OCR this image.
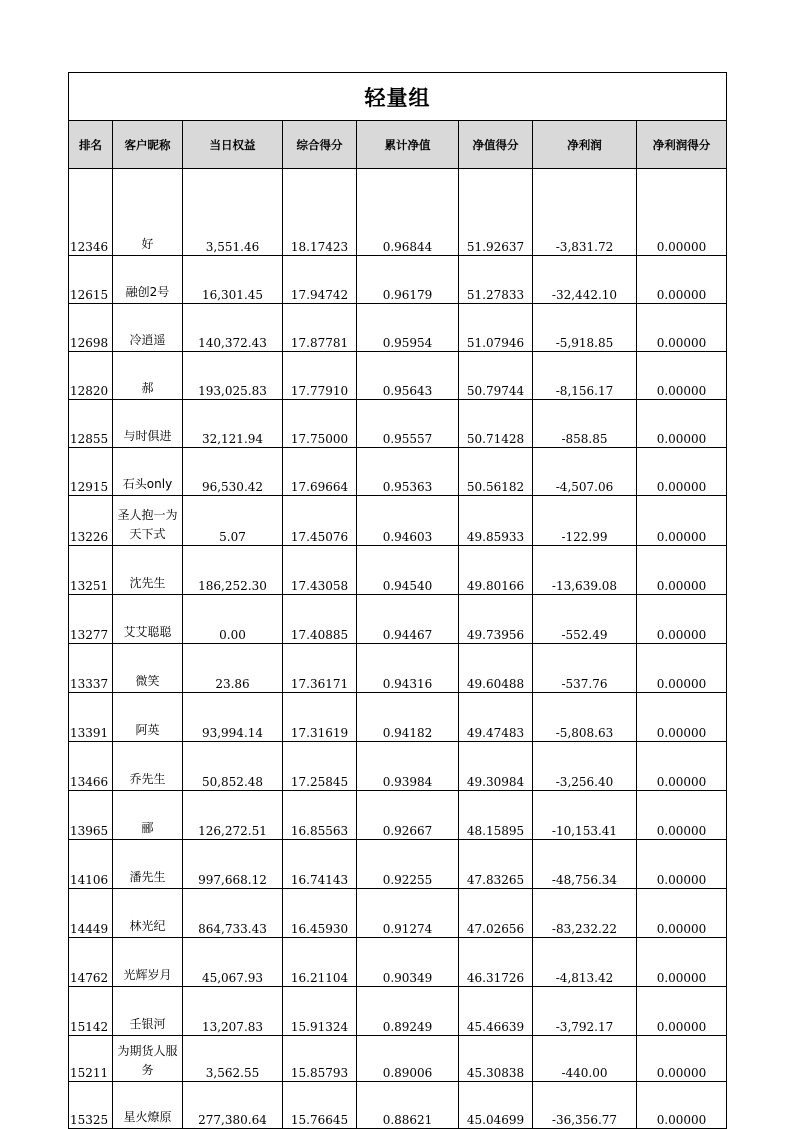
轻量组							
排名	客户昵称	当日权益	综合得分	累计净值	净值得分	净利润	净利润得分
12346	好	3,551.46	18.17423	0.96844	51.92637	-3,831.72	0.00000
12615	融创2号	16,301.45	17.94742	0.96179	51.27833	-32,442.10	0.00000
12698	冷逍遥	140,372.43	17.87781	0.95954	51.07946	-5,918.85	0.00000
12820	郝	193,025.83	17.77910	0.95643	50.79744	-8,156.17	0.00000
12855	与时俱进	32,121.94	17.75000	0.95557	50.71428	-858.85	0.00000
12915	石头only	96,530.42	17.69664	0.95363	50.56182	-4,507.06	0.00000
13226	圣人抱一为天下式	5.07	17.45076	0.94603	49.85933	-122.99	0.00000
13251	沈先生	186,252.30	17.43058	0.94540	49.80166	-13,639.08	0.00000
13277	艾艾聪聪	0.00	17.40885	0.94467	49.73956	-552.49	0.00000
13337	微笑	23.86	17.36171	0.94316	49.60488	-537.76	0.00000
13391	阿英	93,994.14	17.31619	0.94182	49.47483	-5,808.63	0.00000
13466	乔先生	50,852.48	17.25845	0.93984	49.30984	-3,256.40	0.00000
13965	郦	126,272.51	16.85563	0.92667	48.15895	-10,153.41	0.00000
14106	潘先生	997,668.12	16.74143	0.92255	47.83265	-48,756.34	0.00000
14449	林光纪	864,733.43	16.45930	0.91274	47.02656	-83,232.22	0.00000
14762	光辉岁月	45,067.93	16.21104	0.90349	46.31726	-4,813.42	0.00000
15142	壬银河	13,207.83	15.91324	0.89249	45.46639	-3,792.17	0.00000
15211	为期货人服务	3,562.55	15.85793	0.89006	45.30838	-440.00	0.00000
15325	星火燎原	277,380.64	15.76645	0.88621	45.04699	-36,356.77	0.00000
